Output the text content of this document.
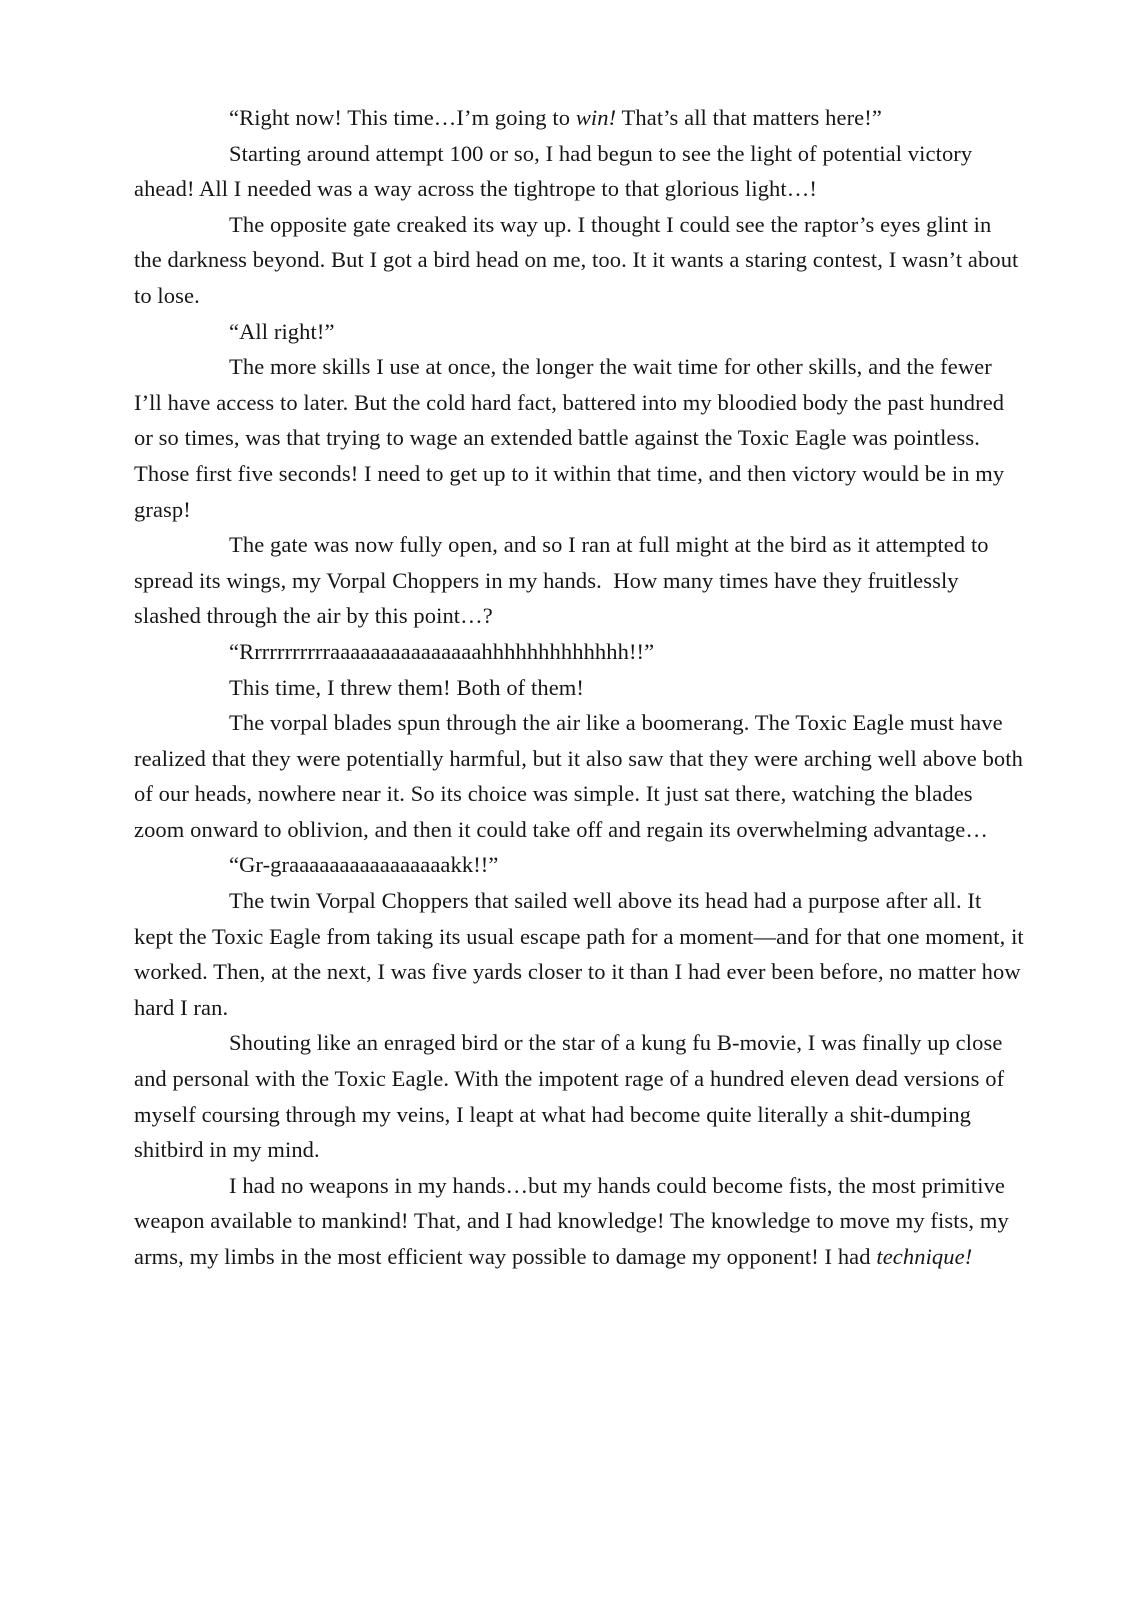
“Right now! This time…I’m going to win! That’s all that matters here!”

Starting around attempt 100 or so, I had begun to see the light of potential victory ahead! All I needed was a way across the tightrope to that glorious light…!

The opposite gate creaked its way up. I thought I could see the raptor’s eyes glint in the darkness beyond. But I got a bird head on me, too. It it wants a staring contest, I wasn’t about to lose.

“All right!”

The more skills I use at once, the longer the wait time for other skills, and the fewer I’ll have access to later. But the cold hard fact, battered into my bloodied body the past hundred or so times, was that trying to wage an extended battle against the Toxic Eagle was pointless. Those first five seconds! I need to get up to it within that time, and then victory would be in my grasp!

The gate was now fully open, and so I ran at full might at the bird as it attempted to spread its wings, my Vorpal Choppers in my hands.  How many times have they fruitlessly slashed through the air by this point…?

“Rrrrrrrrrrraaaaaaaaaaaaaaahhhhhhhhhhhhh!!”

This time, I threw them! Both of them!

The vorpal blades spun through the air like a boomerang. The Toxic Eagle must have realized that they were potentially harmful, but it also saw that they were arching well above both of our heads, nowhere near it. So its choice was simple. It just sat there, watching the blades zoom onward to oblivion, and then it could take off and regain its overwhelming advantage…

“Gr-graaaaaaaaaaaaaaaakk!!”

The twin Vorpal Choppers that sailed well above its head had a purpose after all. It kept the Toxic Eagle from taking its usual escape path for a moment—and for that one moment, it worked. Then, at the next, I was five yards closer to it than I had ever been before, no matter how hard I ran.

Shouting like an enraged bird or the star of a kung fu B-movie, I was finally up close and personal with the Toxic Eagle. With the impotent rage of a hundred eleven dead versions of myself coursing through my veins, I leapt at what had become quite literally a shit-dumping shitbird in my mind.

I had no weapons in my hands…but my hands could become fists, the most primitive weapon available to mankind! That, and I had knowledge! The knowledge to move my fists, my arms, my limbs in the most efficient way possible to damage my opponent! I had technique!
